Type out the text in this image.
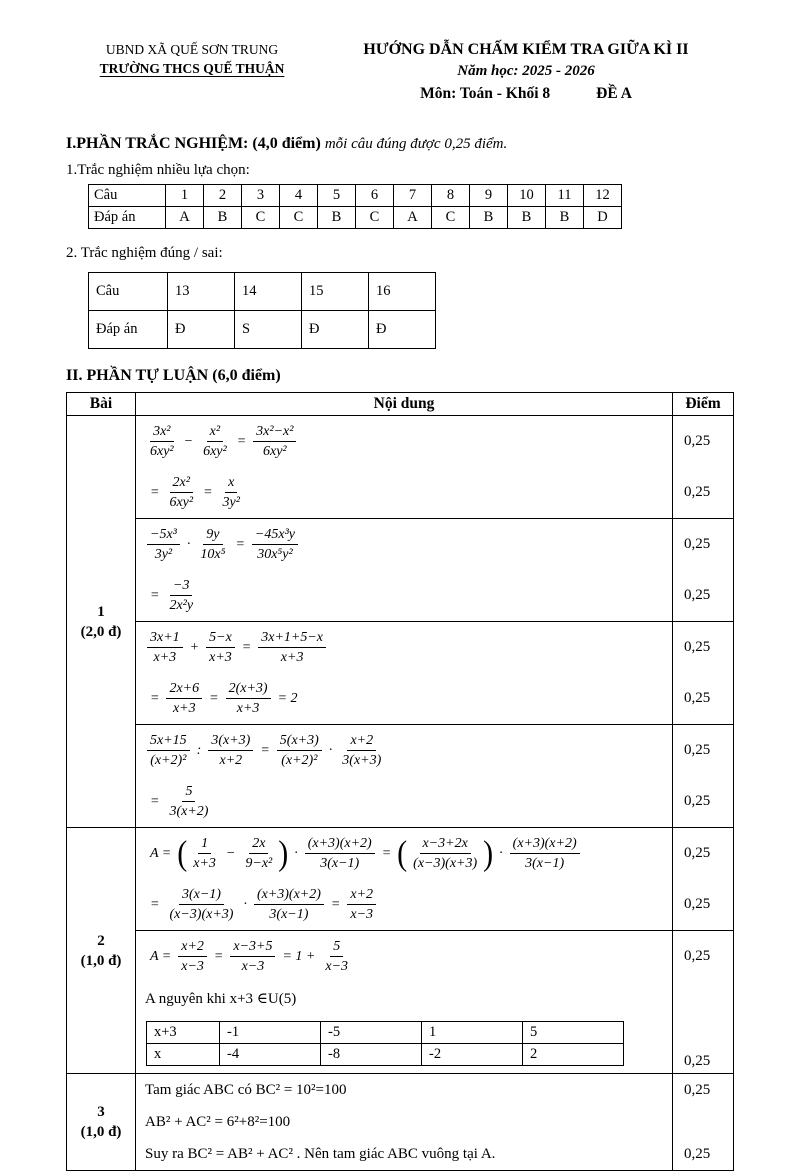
UBND XÃ QUẾ SƠN TRUNG
TRƯỜNG THCS QUẾ THUẬN
HƯỚNG DẪN CHẤM KIỂM TRA GIỮA KÌ II
Năm học: 2025 - 2026
Môn: Toán - Khối 8	ĐỀ A
I.PHẦN TRẮC NGHIỆM: (4,0 điểm) mỗi câu đúng được 0,25 điểm.
1.Trắc nghiệm nhiều lựa chọn:
Câu	1	2	3	4	5	6	7	8	9	10	11	12
Đáp án	A	B	C	C	B	C	A	C	B	B	B	D
2. Trắc nghiệm đúng / sai:
Câu	13	14	15	16
Đáp án	Đ	S	Đ	Đ
II. PHẦN TỰ LUẬN (6,0 điểm)
Bài	Nội dung	Điểm

1
(2,0 đ)

$\frac{\text{3x²}}{\text{6xy²}} - \frac{\text{x²}}{\text{6xy²}} = \frac{\text{3x²−x²}}{\text{6xy²}}$	0,25

= $\frac{\text{2x²}}{\text{6xy²}} = \frac{x}{\text{3y²}}$	0,25

$\frac{\text{−5x³}}{\text{3y²}} \cdot \frac{9y}{\text{10x⁵}} = \frac{\text{−45x³y}}{\text{30x⁵y²}}$	0,25

= $\frac{-3}{\text{2x²y}}$	0,25

$\frac{3x+1}{x+3} + \frac{5-x}{x+3} = \frac{3x+1+5-x}{x+3}$	0,25

= $\frac{2x+6}{x+3} = \frac{2(x+3)}{x+3} = 2$	0,25

$\frac{5x+15}{\text{(x+2)²}}$ : $\frac{3(x+3)}{x+2} = \frac{5(x+3)}{\text{(x+2)²}} \cdot \frac{x+2}{3(x+3)}$	0,25

= $\frac{5}{3(x+2)}$	0,25

2
(1,0 đ)

A = ( $\frac{1}{x+3} - \frac{2x}{\text{9−x²}}$ ) · $\frac{(x+3)(x+2)}{3(x-1)}$ = ( $\frac{x-3+2x}{(x-3)(x+3)}$ ) · $\frac{(x+3)(x+2)}{3(x-1)}$	0,25

= $\frac{3(x-1)}{(x-3)(x+3)} \cdot \frac{(x+3)(x+2)}{3(x-1)} = \frac{x+2}{x-3}$	0,25

$A = \frac{x+2}{x-3} = \frac{x-3+5}{x-3} = 1 + \frac{5}{x-3}$	0,25

A nguyên khi x+3 ∈U(5)

x+3	-1	-5	1	5
x	-4	-8	-2	2
		0,25

3
(1,0 đ)

Tam giác ABC có BC² = 10²=100	0,25

AB² + AC² = 6²+8²=100

Suy ra BC² = AB² + AC² . Nên tam giác ABC vuông tại A.	0,25
